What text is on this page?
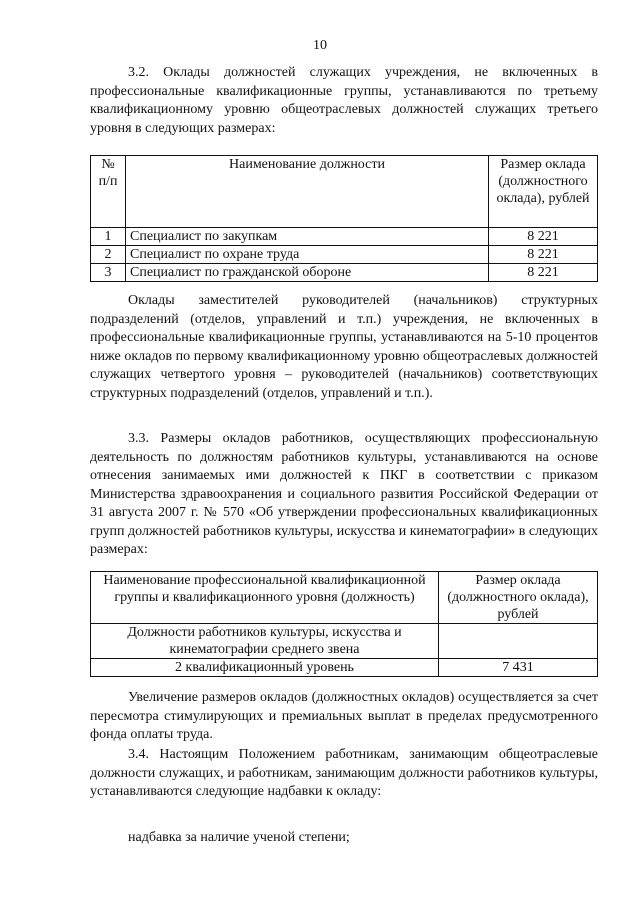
10

3.2. Оклады должностей служащих учреждения, не включенных в профессиональные квалификационные группы, устанавливаются по третьему квалификационному уровню общеотраслевых должностей служащих третьего уровня в следующих размерах:

№ п/п	Наименование должности	Размер оклада (должностного оклада), рублей
1	Специалист по закупкам	8 221
2	Специалист по охране труда	8 221
3	Специалист по гражданской обороне	8 221

Оклады заместителей руководителей (начальников) структурных подразделений (отделов, управлений и т.п.) учреждения, не включенных в профессиональные квалификационные группы, устанавливаются на 5-10 процентов ниже окладов по первому квалификационному уровню общеотраслевых должностей служащих четвертого уровня – руководителей (начальников) соответствующих структурных подразделений (отделов, управлений и т.п.).

3.3. Размеры окладов работников, осуществляющих профессиональную деятельность по должностям работников культуры, устанавливаются на основе отнесения занимаемых ими должностей к ПКГ в соответствии с приказом Министерства здравоохранения и социального развития Российской Федерации от 31 августа 2007 г. № 570 «Об утверждении профессиональных квалификационных групп должностей работников культуры, искусства и кинематографии» в следующих размерах:

Наименование профессиональной квалификационной группы и квалификационного уровня (должность)	Размер оклада (должностного оклада), рублей
Должности работников культуры, искусства и кинематографии среднего звена	
2 квалификационный уровень	7 431

Увеличение размеров окладов (должностных окладов) осуществляется за счет пересмотра стимулирующих и премиальных выплат в пределах предусмотренного фонда оплаты труда.

3.4. Настоящим Положением работникам, занимающим общеотраслевые должности служащих, и работникам, занимающим должности работников культуры, устанавливаются следующие надбавки к окладу:

надбавка за наличие ученой степени;
